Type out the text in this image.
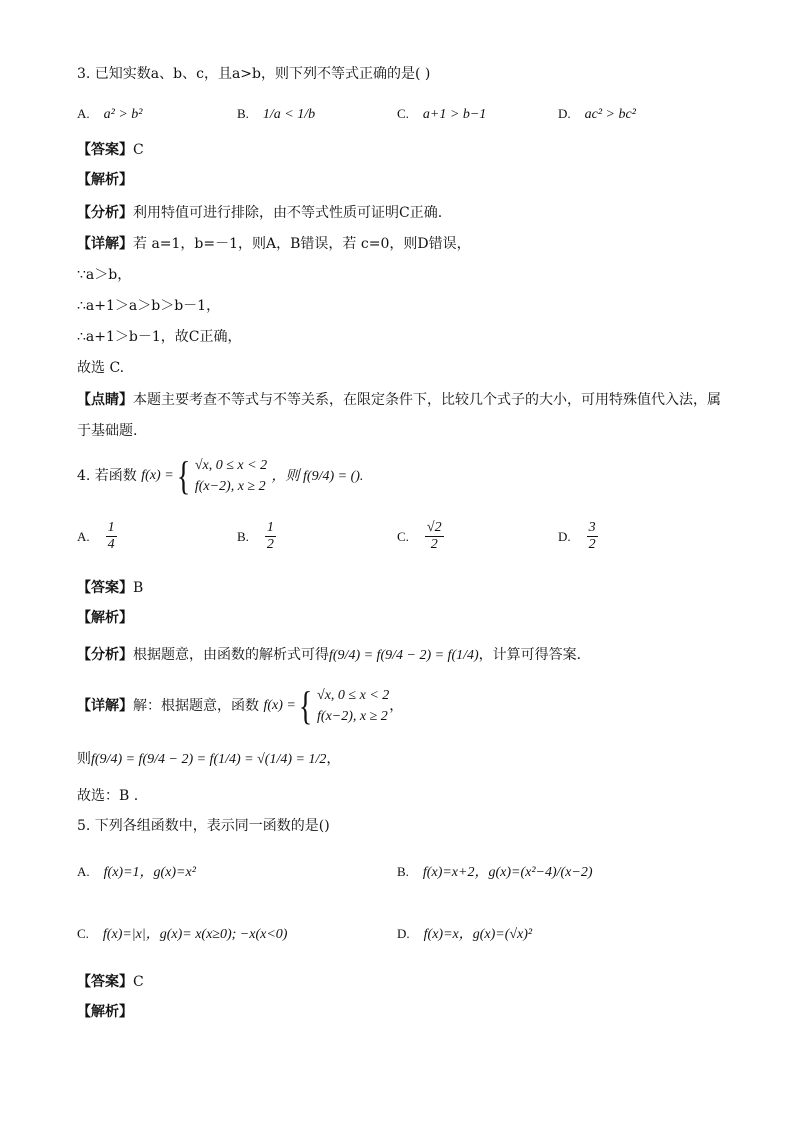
3. 已知实数a、b、c，且a>b，则下列不等式正确的是( )
A. a² > b²	B. 1/a < 1/b	C. a+1 > b−1	D. ac² > bc²
【答案】C
【解析】
【分析】利用特值可进行排除，由不等式性质可证明C正确.
【详解】若 a=1，b=－1，则A，B错误，若 c=0，则D错误，
∵a＞b，
∴a+1＞a＞b＞b－1，
∴a+1＞b－1，故C正确，
故选 C.
【点睛】本题主要考查不等式与不等关系，在限定条件下，比较几个式子的大小，可用特殊值代入法，属
于基础题.
4. 若函数 f(x) = { √x, 0 ≤ x < 2
f(x−2), x ≥ 2
，则 f(9/4) = ().
A. $\frac{1}{4}$	B. $\frac{1}{2}$	C. $\frac{√2}{2}$	D. $\frac{3}{2}$
【答案】B
【解析】
【分析】根据题意，由函数的解析式可得f(9/4) = f(9/4 − 2) = f(1/4)，计算可得答案.
【详解】解：根据题意，函数 f(x) = { √x, 0 ≤ x < 2
f(x−2), x ≥ 2
，
则f(9/4) = f(9/4 − 2) = f(1/4) = √(1/4) = 1/2，
故选：B .
5. 下列各组函数中，表示同一函数的是()
A. f(x)=1，g(x)=x²	B. f(x)=x+2，g(x)=(x²−4)/(x−2)
C. f(x)=|x|，g(x)= x(x≥0); −x(x<0)	D. f(x)=x，g(x)=(√x)²
【答案】C
【解析】
